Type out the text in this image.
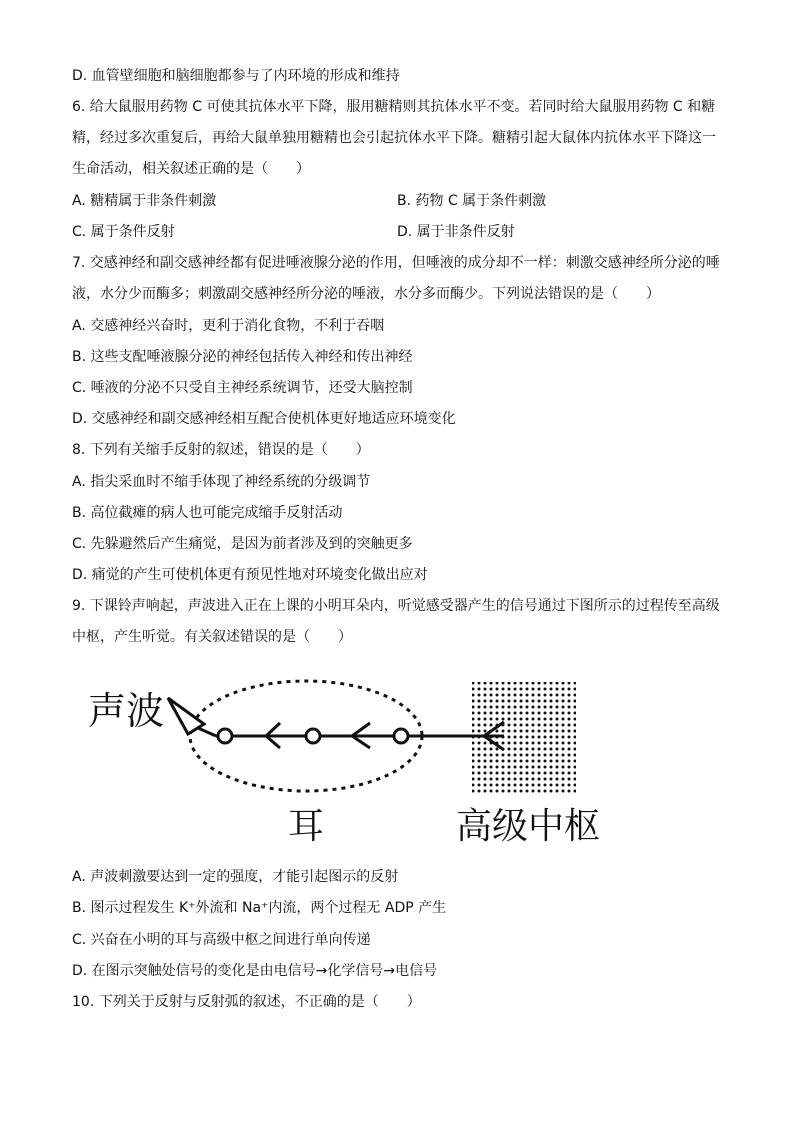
D. 血管壁细胞和脑细胞都参与了内环境的形成和维持
6. 给大鼠服用药物 C 可使其抗体水平下降，服用糖精则其抗体水平不变。若同时给大鼠服用药物 C 和糖
精，经过多次重复后，再给大鼠单独用糖精也会引起抗体水平下降。糖精引起大鼠体内抗体水平下降这一
生命活动，相关叙述正确的是（　　）
A. 糖精属于非条件刺激	B. 药物 C 属于条件刺激
C. 属于条件反射	D. 属于非条件反射
7. 交感神经和副交感神经都有促进唾液腺分泌的作用，但唾液的成分却不一样：刺激交感神经所分泌的唾
液，水分少而酶多；刺激副交感神经所分泌的唾液，水分多而酶少。下列说法错误的是（　　）
A. 交感神经兴奋时，更利于消化食物，不利于吞咽
B. 这些支配唾液腺分泌的神经包括传入神经和传出神经
C. 唾液的分泌不只受自主神经系统调节，还受大脑控制
D. 交感神经和副交感神经相互配合使机体更好地适应环境变化
8. 下列有关缩手反射的叙述，错误的是（　　）
A. 指尖采血时不缩手体现了神经系统的分级调节
B. 高位截瘫的病人也可能完成缩手反射活动
C. 先躲避然后产生痛觉，是因为前者涉及到的突触更多
D. 痛觉的产生可使机体更有预见性地对环境变化做出应对
9. 下课铃声响起，声波进入正在上课的小明耳朵内，听觉感受器产生的信号通过下图所示的过程传至高级
中枢，产生听觉。有关叙述错误的是（　　）
声波
耳	高级中枢
A. 声波刺激要达到一定的强度，才能引起图示的反射
B. 图示过程发生 K⁺外流和 Na⁺内流，两个过程无 ADP 产生
C. 兴奋在小明的耳与高级中枢之间进行单向传递
D. 在图示突触处信号的变化是由电信号→化学信号→电信号
10. 下列关于反射与反射弧的叙述，不正确的是（　　）
